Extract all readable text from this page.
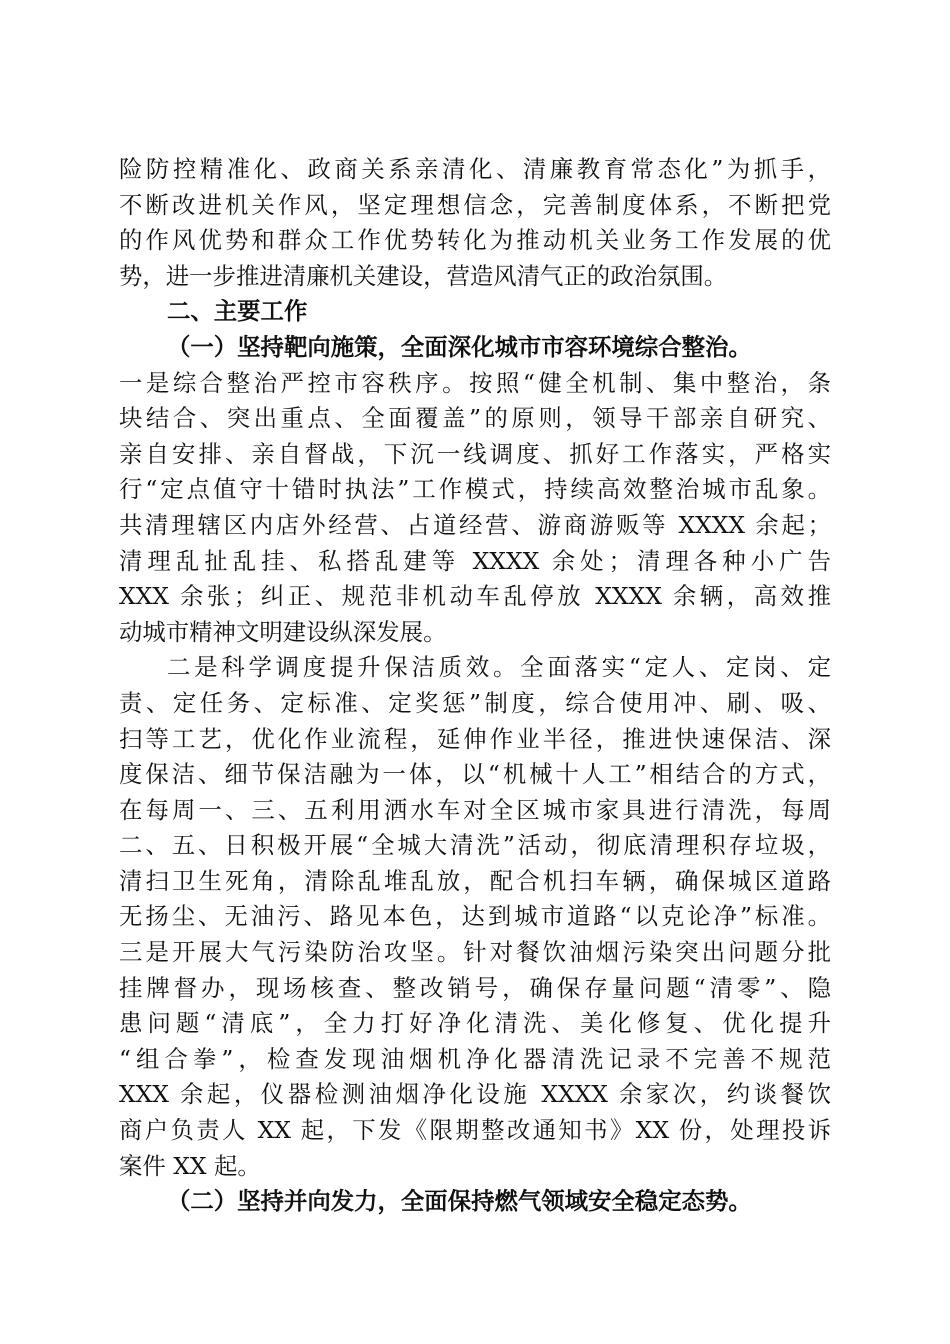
险防控精准化、政商关系亲清化、清廉教育常态化”为抓手，
不断改进机关作风，坚定理想信念，完善制度体系，不断把党
的作风优势和群众工作优势转化为推动机关业务工作发展的优
势，进一步推进清廉机关建设，营造风清气正的政治氛围。
二、主要工作
（一）坚持靶向施策，全面深化城市市容环境综合整治。
一是综合整治严控市容秩序。按照“健全机制、集中整治，条
块结合、突出重点、全面覆盖”的原则，领导干部亲自研究、
亲自安排、亲自督战，下沉一线调度、抓好工作落实，严格实
行“定点值守十错时执法”工作模式，持续高效整治城市乱象。
共清理辖区内店外经营、占道经营、游商游贩等 XXXX 余起；
清理乱扯乱挂、私搭乱建等 XXXX 余处；清理各种小广告
XXX 余张；纠正、规范非机动车乱停放 XXXX 余辆，高效推
动城市精神文明建设纵深发展。
二是科学调度提升保洁质效。全面落实“定人、定岗、定
责、定任务、定标准、定奖惩”制度，综合使用冲、刷、吸、
扫等工艺，优化作业流程，延伸作业半径，推进快速保洁、深
度保洁、细节保洁融为一体，以“机械十人工”相结合的方式，
在每周一、三、五利用洒水车对全区城市家具进行清洗，每周
二、五、日积极开展“全城大清洗”活动，彻底清理积存垃圾，
清扫卫生死角，清除乱堆乱放，配合机扫车辆，确保城区道路
无扬尘、无油污、路见本色，达到城市道路“以克论净”标准。
三是开展大气污染防治攻坚。针对餐饮油烟污染突出问题分批
挂牌督办，现场核查、整改销号，确保存量问题“清零”、隐
患问题“清底”，全力打好净化清洗、美化修复、优化提升
“组合拳”，检查发现油烟机净化器清洗记录不完善不规范
XXX 余起，仪器检测油烟净化设施 XXXX 余家次，约谈餐饮
商户负责人 XX 起，下发《限期整改通知书》XX 份，处理投诉
案件 XX 起。
（二）坚持并向发力，全面保持燃气领域安全稳定态势。
